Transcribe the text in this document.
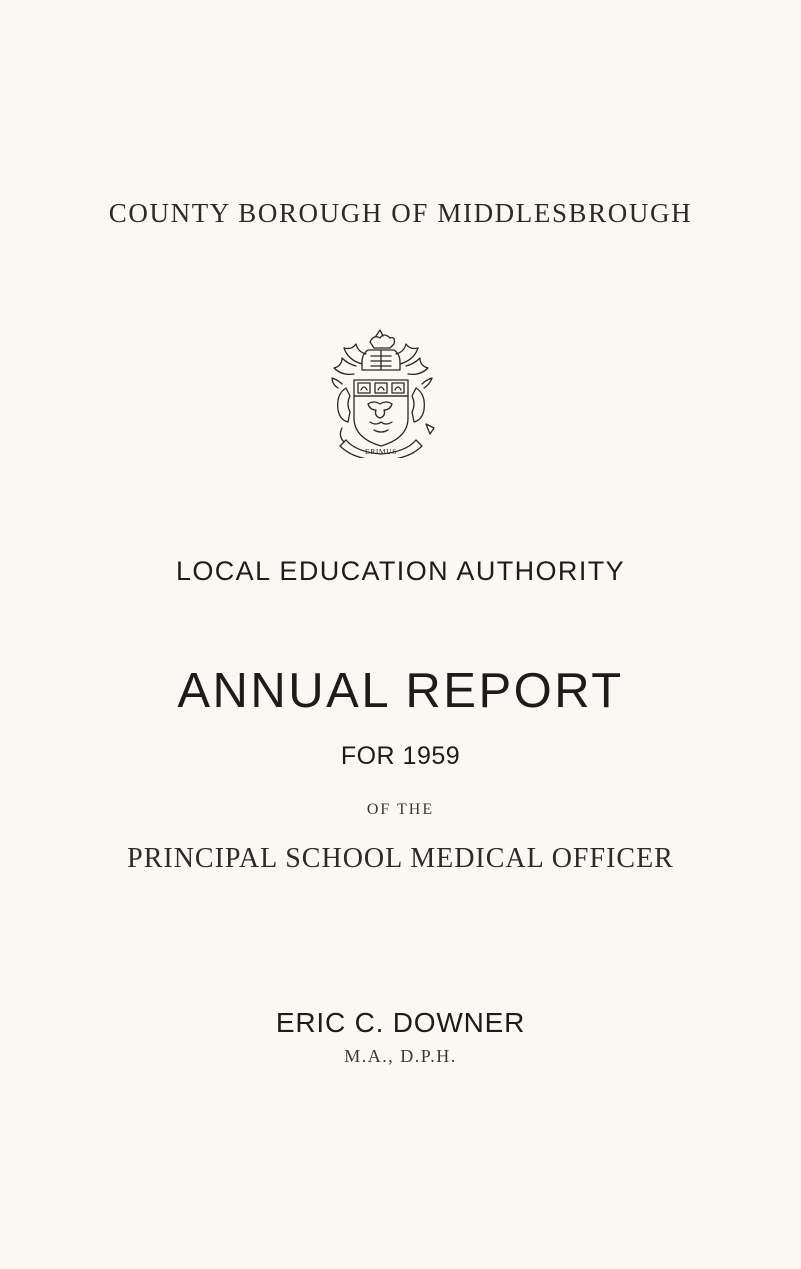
COUNTY BOROUGH OF MIDDLESBROUGH
ERIMUS
LOCAL EDUCATION AUTHORITY
ANNUAL REPORT
FOR 1959
OF THE
PRINCIPAL SCHOOL MEDICAL OFFICER
ERIC C. DOWNER
M.A., D.P.H.
